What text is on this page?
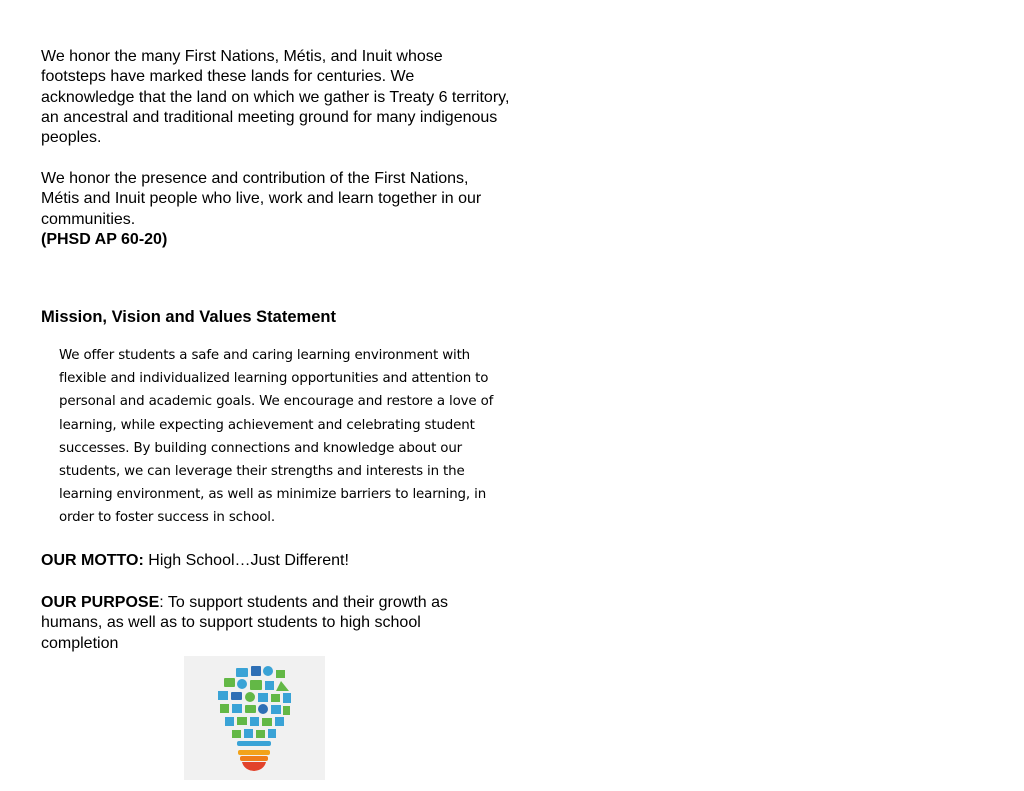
We honor the many First Nations, Métis, and Inuit whose footsteps have marked these lands for centuries. We acknowledge that the land on which we gather is Treaty 6 territory, an ancestral and traditional meeting ground for many indigenous peoples.
We honor the presence and contribution of the First Nations, Métis and Inuit people who live, work and learn together in our communities.
(PHSD AP 60-20)
Mission, Vision and Values Statement
We offer students a safe and caring learning environment with flexible and individualized learning opportunities and attention to personal and academic goals. We encourage and restore a love of learning, while expecting achievement and celebrating student successes. By building connections and knowledge about our students, we can leverage their strengths and interests in the learning environment, as well as minimize barriers to learning, in order to foster success in school.
OUR MOTTO: High School…Just Different!
OUR PURPOSE: To support students and their growth as humans, as well as to support students to high school completion
